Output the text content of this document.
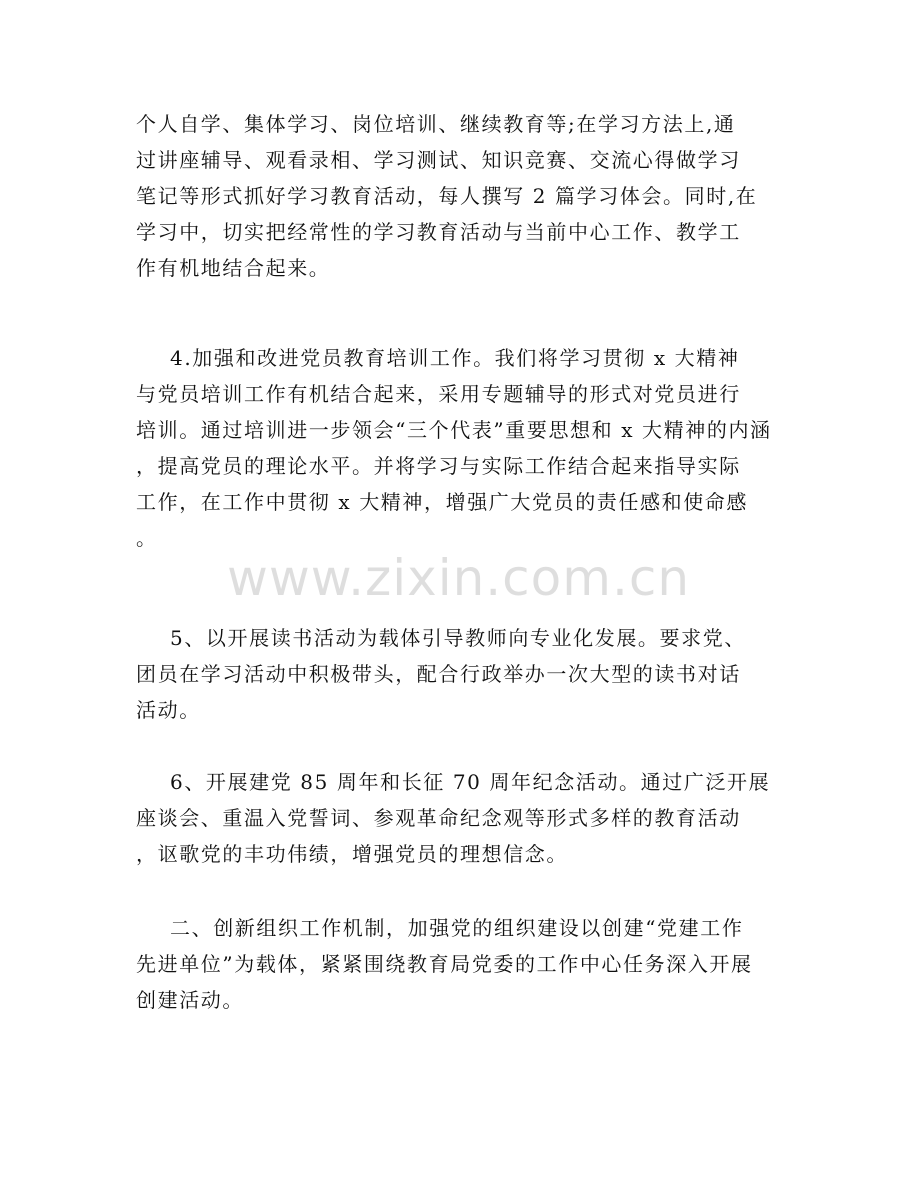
个人自学、集体学习、岗位培训、继续教育等;在学习方法上,通
过讲座辅导、观看录相、学习测试、知识竞赛、交流心得做学习
笔记等形式抓好学习教育活动，每人撰写 2 篇学习体会。同时,在
学习中，切实把经常性的学习教育活动与当前中心工作、教学工
作有机地结合起来。
4.加强和改进党员教育培训工作。我们将学习贯彻 x 大精神
与党员培训工作有机结合起来，采用专题辅导的形式对党员进行
培训。通过培训进一步领会“三个代表”重要思想和 x 大精神的内涵
，提高党员的理论水平。并将学习与实际工作结合起来指导实际
工作，在工作中贯彻 x 大精神，增强广大党员的责任感和使命感
。
5、以开展读书活动为载体引导教师向专业化发展。要求党、
团员在学习活动中积极带头，配合行政举办一次大型的读书对话
活动。
6、开展建党 85 周年和长征 70 周年纪念活动。通过广泛开展
座谈会、重温入党誓词、参观革命纪念观等形式多样的教育活动
，讴歌党的丰功伟绩，增强党员的理想信念。
二、创新组织工作机制，加强党的组织建设以创建“党建工作
先进单位”为载体，紧紧围绕教育局党委的工作中心任务深入开展
创建活动。
www.zixin.com.cn
